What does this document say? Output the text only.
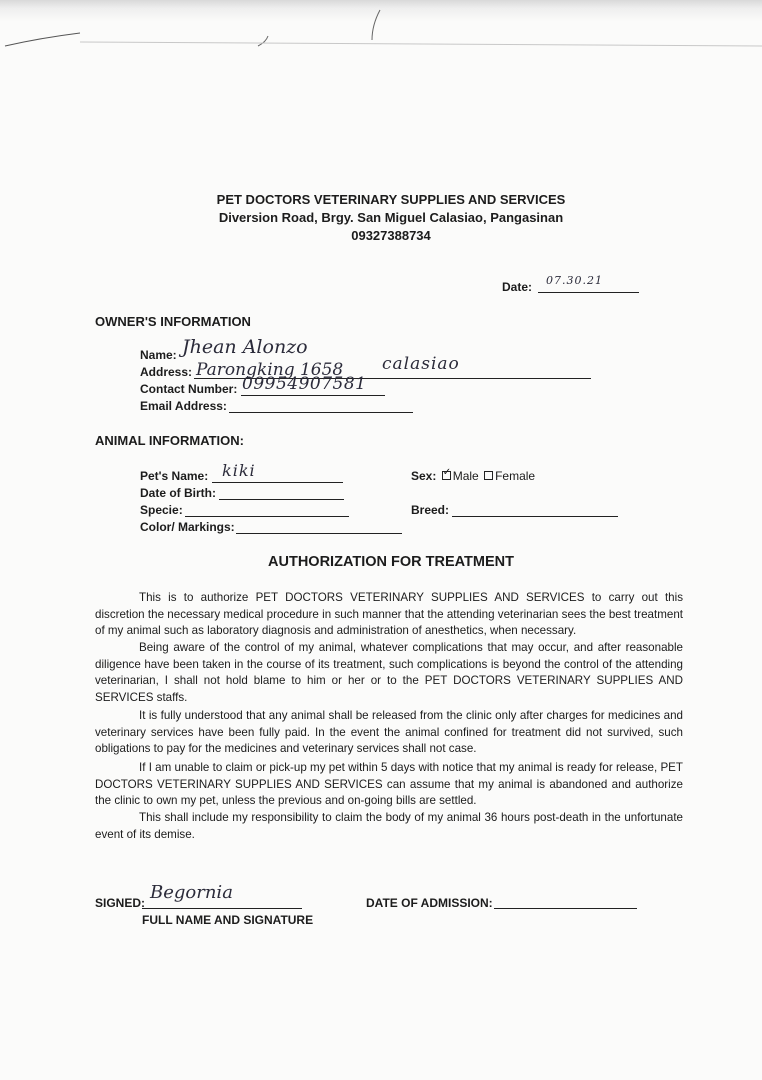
PET DOCTORS VETERINARY SUPPLIES AND SERVICES
Diversion Road, Brgy. San Miguel Calasiao, Pangasinan
09327388734
Date: 07.30.21
OWNER'S INFORMATION
Name: Jhean Alonzo
Address: Parongking 1658 calasiao
Contact Number: 09954907581
Email Address:
ANIMAL INFORMATION:
Pet's Name: kiki
Date of Birth:
Specie:
Color/ Markings:
Sex: ✓ Male Female
Breed:
AUTHORIZATION FOR TREATMENT

This is to authorize PET DOCTORS VETERINARY SUPPLIES AND SERVICES to carry out this discretion the necessary medical procedure in such manner that the attending veterinarian sees the best treatment of my animal such as laboratory diagnosis and administration of anesthetics, when necessary.

Being aware of the control of my animal, whatever complications that may occur, and after reasonable diligence have been taken in the course of its treatment, such complications is beyond the control of the attending veterinarian, I shall not hold blame to him or her or to the PET DOCTORS VETERINARY SUPPLIES AND SERVICES staffs.

It is fully understood that any animal shall be released from the clinic only after charges for medicines and veterinary services have been fully paid. In the event the animal confined for treatment did not survived, such obligations to pay for the medicines and veterinary services shall not case.

If I am unable to claim or pick-up my pet within 5 days with notice that my animal is ready for release, PET DOCTORS VETERINARY SUPPLIES AND SERVICES can assume that my animal is abandoned and authorize the clinic to own my pet, unless the previous and on-going bills are settled.

This shall include my responsibility to claim the body of my animal 36 hours post-death in the unfortunate event of its demise.

SIGNED: Begornia
FULL NAME AND SIGNATURE
DATE OF ADMISSION:
